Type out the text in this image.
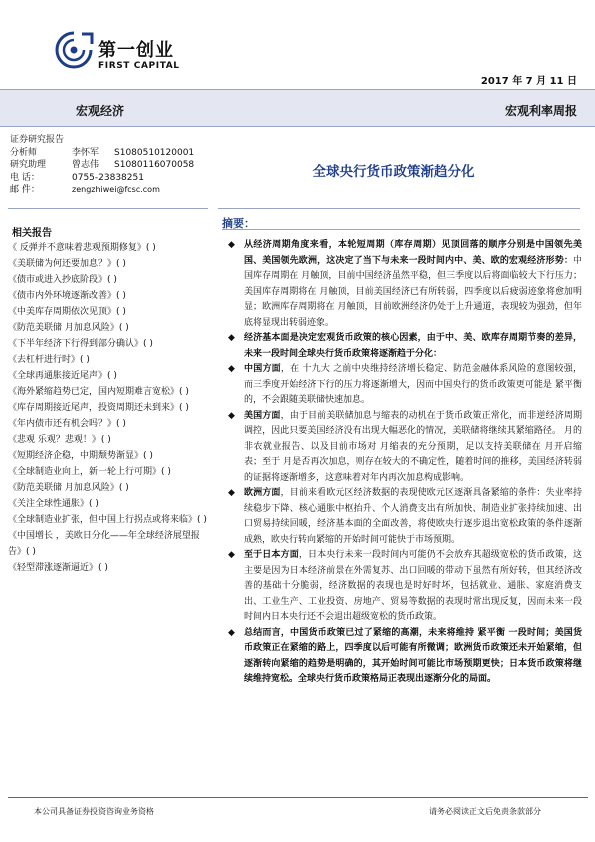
第一创业
FIRST CAPITAL
2017 年 7 月 11 日
宏观经济	宏观利率周报
证券研究报告
分析师	李怀军 S1080510120001
研究助理	曾志伟 S1080116070058
电 话：	0755-23838251
邮 件：	zengzhiwei@fcsc.com
全球央行货币政策渐趋分化
相关报告
《 反弹并不意味着悲观预期修复》( )
《美联储为何还要加息？》( )
《债市或进入抄底阶段》( )
《债市内外环境逐渐改善》( )
《中美库存周期依次见顶》( )
《防范美联储 月加息风险》( )
《下半年经济下行得到部分确认》( )
《去杠杆进行时》( )
《全球再通胀接近尾声》( )
《海外紧缩趋势已定，国内短期难言宽松》( )
《库存周期接近尾声，投资周期还未到来》( )
《年内债市还有机会吗？》( )
《悲观 乐观？悲观！》( )
《短期经济企稳，中期颓势渐显》( )
《全球制造业向上，新一轮上行可期》( )
《防范美联储 月加息风险》( )
《关注全球性通胀》( )
《全球制造业扩张，但中国上行拐点或将来临》( )
《中国增长 ，美欧日分化——年全球经济展望报告》( )
《轻型滞涨逐渐逼近》( )
摘要：
◆ 从经济周期角度来看，本轮短周期（库存周期）见顶回落的顺序分别是中国领先美国、美国领先欧洲，这决定了当下与未来一段时间内中、美、欧的宏观经济形势：中国库存周期在 月触顶，目前中国经济虽然平稳，但三季度以后将面临较大下行压力；美国库存周期将在 月触顶，目前美国经济已有所转弱，四季度以后疲弱迹象将愈加明显；欧洲库存周期将在 月触顶，目前欧洲经济仍处于上升通道，表现较为强劲，但年底将显现出转弱迹象。
◆ 经济基本面是决定宏观货币政策的核心因素，由于中、美、欧库存周期节奏的差异，未来一段时间全球央行货币政策将逐渐趋于分化：
◆ 中国方面，在 十九大 之前中央维持经济增长稳定、防范金融体系风险的意图较强，而三季度开始经济下行的压力将逐渐增大，因而中国央行的货币政策更可能是 紧平衡 的，不会跟随美联储快速加息。
◆ 美国方面，由于目前美联储加息与缩表的动机在于货币政策正常化，而非逆经济周期调控，因此只要美国经济没有出现大幅恶化的情况，美联储将继续其紧缩路径。 月的非农就业报告、以及目前市场对 月缩表的充分预期，足以支持美联储在 月开启缩表；至于 月是否再次加息，则存在较大的不确定性，随着时间的推移，美国经济转弱的证据将逐渐增多，这意味着对年内再次加息构成影响。
◆ 欧洲方面，目前来看欧元区经济数据的表现使欧元区逐渐具备紧缩的条件：失业率持续稳步下降、核心通胀中枢抬升、个人消费支出有所加快、制造业扩张持续加速、出口贸易持续回暖，经济基本面的全面改善，将使欧央行逐步退出宽松政策的条件逐渐成熟，欧央行转向紧缩的开始时间可能快于市场预期。
◆ 至于日本方面，日本央行未来一段时间内可能仍不会放弃其超级宽松的货币政策，这主要是因为日本经济前景在外需复苏、出口回暖的带动下虽然有所好转，但其经济改善的基础十分脆弱，经济数据的表现也是时好时坏，包括就业、通胀、家庭消费支出、工业生产、工业投资、房地产、贸易等数据的表现时常出现反复，因而未来一段时间内日本央行还不会退出超级宽松的货币政策。
◆ 总结而言，中国货币政策已过了紧缩的高潮，未来将维持 紧平衡 一段时间；美国货币政策正在紧缩的路上，四季度以后可能有所微调；欧洲货币政策还未开始紧缩，但逐渐转向紧缩的趋势是明确的，其开始时间可能比市场预期更快；日本货币政策将继续维持宽松。全球央行货币政策格局正表现出逐渐分化的局面。
本公司具备证券投资咨询业务资格	请务必阅读正文后免责条款部分
